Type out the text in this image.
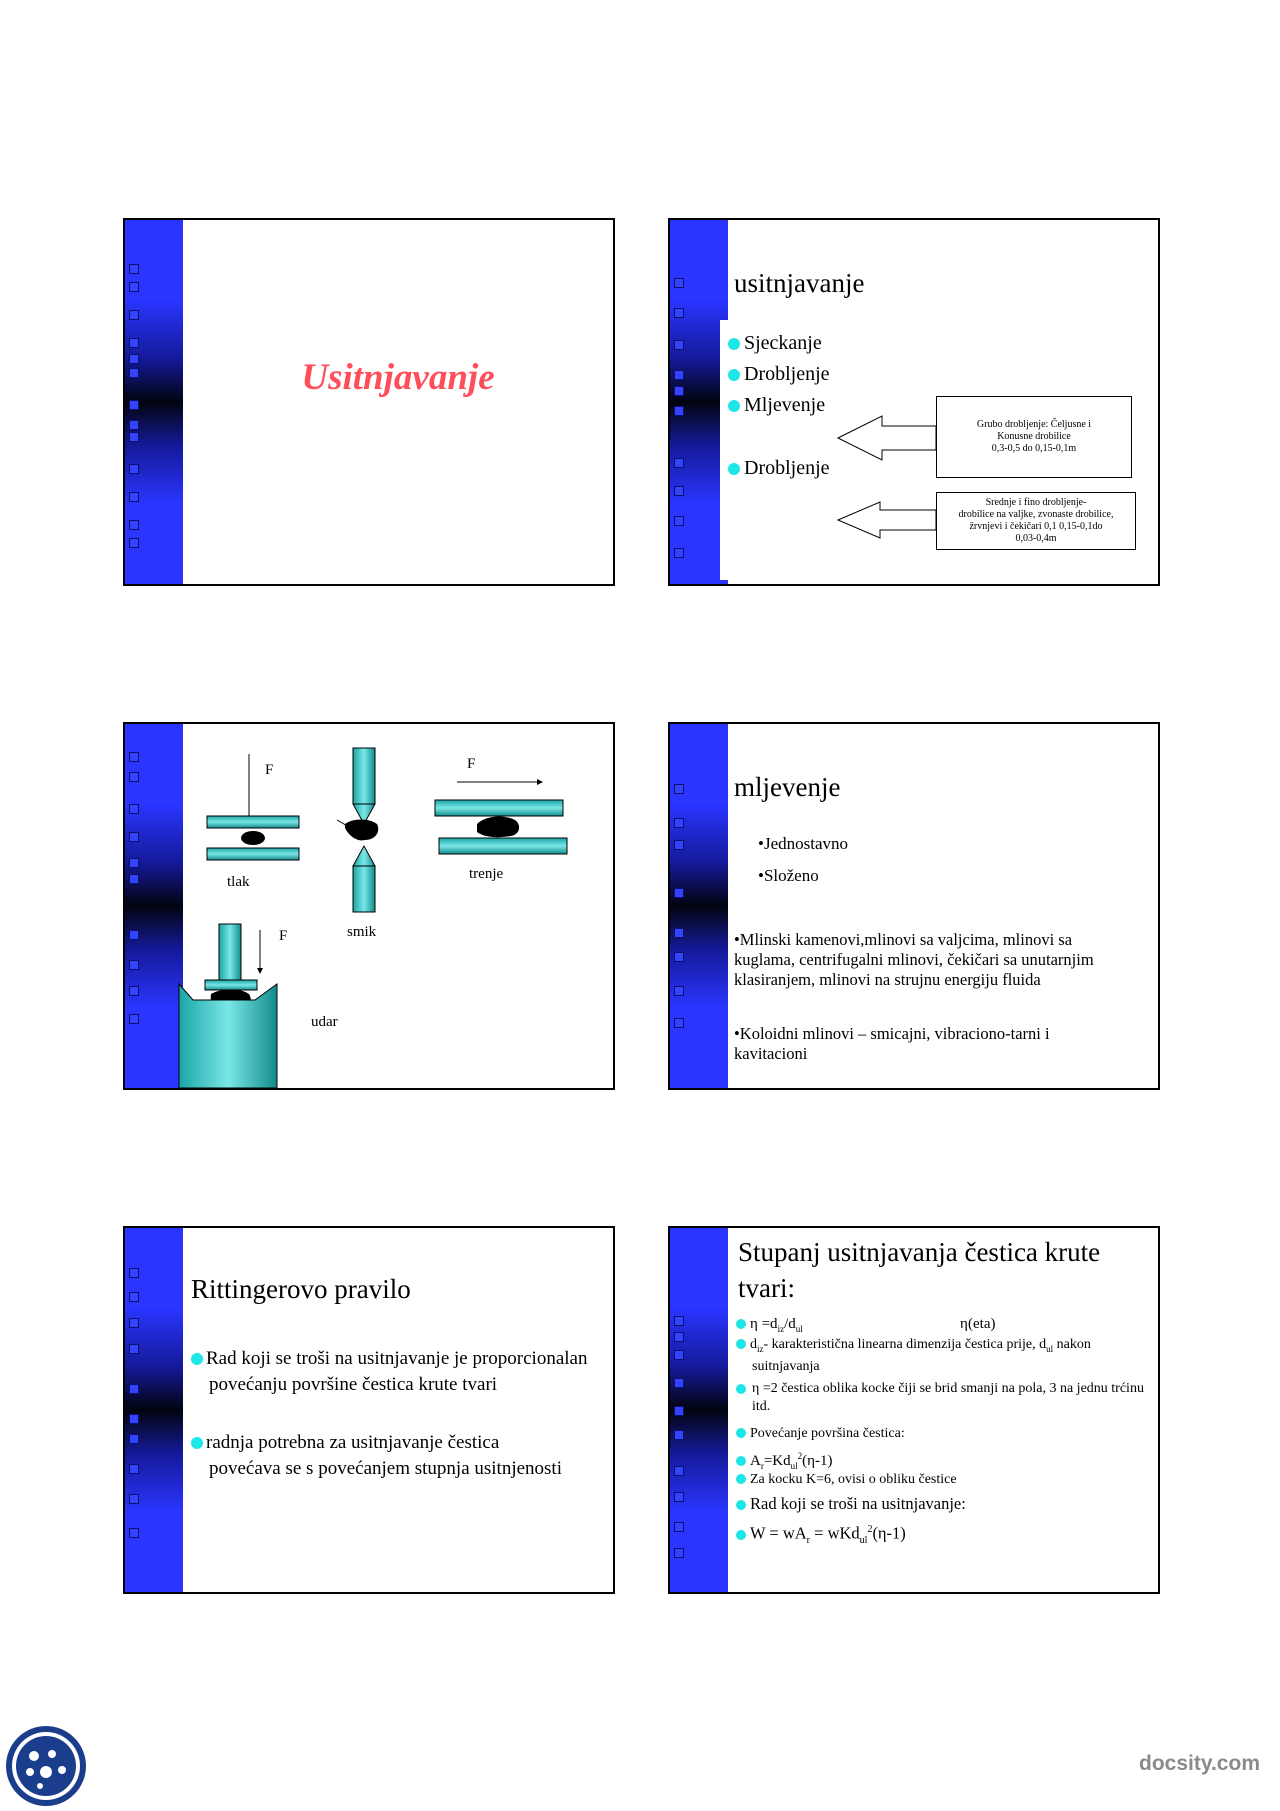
Usitnjavanje
usitnjavanje
Sjeckanje
Drobljenje
Mljevenje
Drobljenje
Grubo drobljenje: Čeljusne i
Konusne drobilice
0,3-0,5 do 0,15-0,1m
Srednje i fino drobljenje-
drobilice na valjke, zvonaste drobilice,
žrvnjevi i čekičari 0,1 0,15-0,1do
0,03-0,4m
F	F
F
tlak
smik
trenje
udar
mljevenje
•Jednostavno
•Složeno
•Mlinski kamenovi,mlinovi sa valjcima, mlinovi sa kuglama, centrifugalni mlinovi, čekičari sa unutarnjim klasiranjem, mlinovi na strujnu energiju fluida
•Koloidni mlinovi – smicajni, vibraciono-tarni i kavitacioni
Rittingerovo pravilo
Rad koji se troši na usitnjavanje je proporcionalan povećanju površine čestica krute tvari
radnja potrebna za usitnjavanje čestica povećava se s povećanjem stupnja usitnjenosti
Stupanj usitnjavanja čestica krute tvari:
$\eta =d_{iz}/d_{ul}$	η (eta)
$d_{iz}-$ karakteristična linearna dimenzija čestica prije, $d_{ul}$ nakon suitnjavanja
η =2 čestica oblika kocke čiji se brid smanji na pola, 3 na jednu trćinu itd.
Povećanje površina čestica:
$A_r=Kd_{ul}^2(\eta-1)$
Za kocku K=6, ovisi o obliku čestice
Rad koji se troši na usitnjavanje:
$W = wA_r = wKd_{ul}^2(\eta-1)$
docsity.com
